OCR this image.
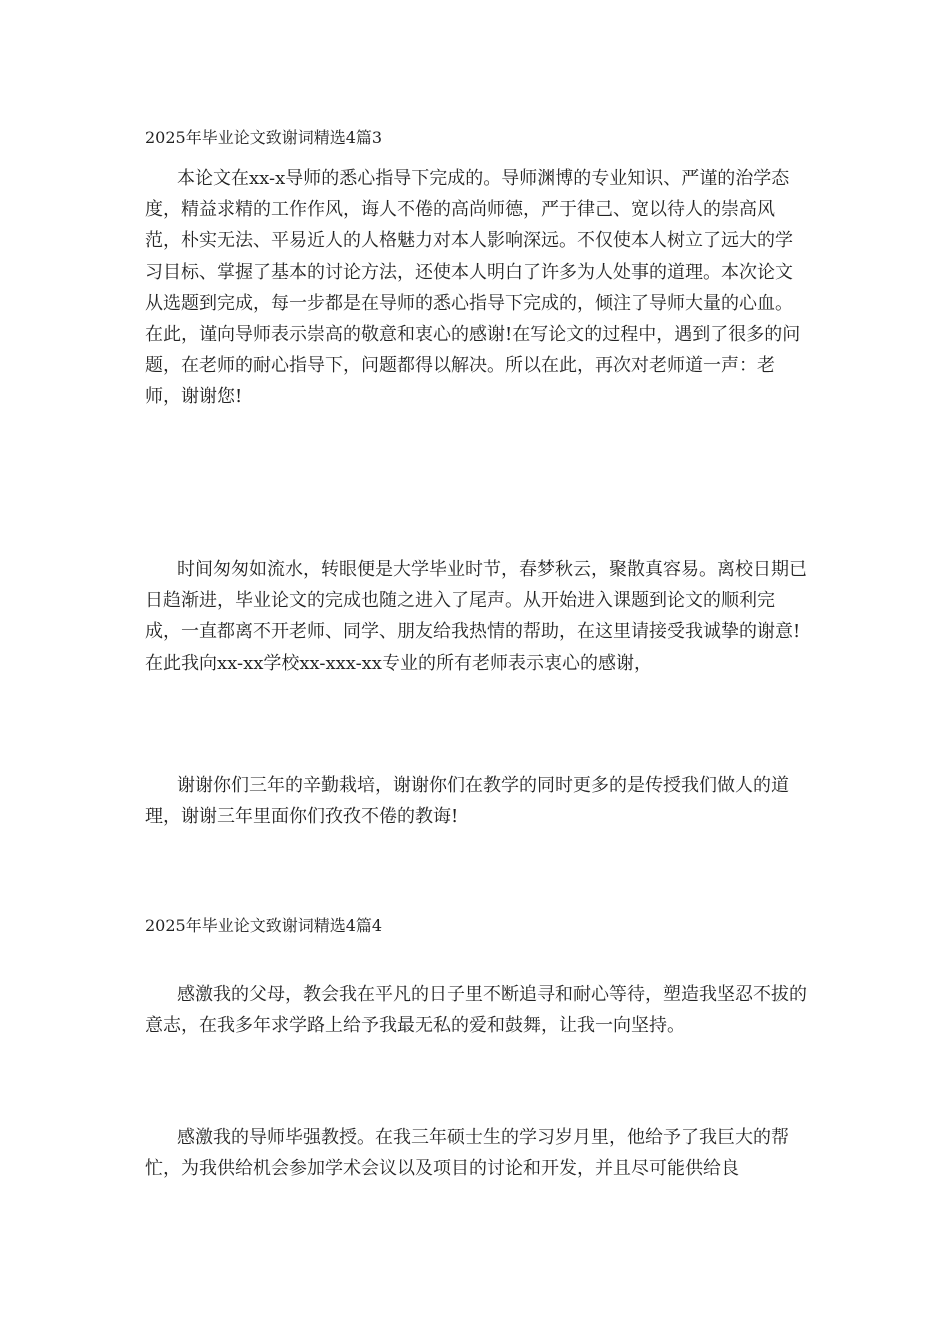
2025年毕业论文致谢词精选4篇3
本论文在xx-x导师的悉心指导下完成的。导师渊博的专业知识、严谨的治学态度，精益求精的工作作风，诲人不倦的高尚师德，严于律己、宽以待人的崇高风范，朴实无法、平易近人的人格魅力对本人影响深远。不仅使本人树立了远大的学习目标、掌握了基本的讨论方法，还使本人明白了许多为人处事的道理。本次论文从选题到完成，每一步都是在导师的悉心指导下完成的，倾注了导师大量的心血。在此，谨向导师表示崇高的敬意和衷心的感谢!在写论文的过程中，遇到了很多的问题，在老师的耐心指导下，问题都得以解决。所以在此，再次对老师道一声：老师，谢谢您!
时间匆匆如流水，转眼便是大学毕业时节，春梦秋云，聚散真容易。离校日期已日趋渐进，毕业论文的完成也随之进入了尾声。从开始进入课题到论文的顺利完成，一直都离不开老师、同学、朋友给我热情的帮助，在这里请接受我诚挚的谢意!在此我向xx-xx学校xx-xxx-xx专业的所有老师表示衷心的感谢，
谢谢你们三年的辛勤栽培，谢谢你们在教学的同时更多的是传授我们做人的道理，谢谢三年里面你们孜孜不倦的教诲!
2025年毕业论文致谢词精选4篇4
感激我的父母，教会我在平凡的日子里不断追寻和耐心等待，塑造我坚忍不拔的意志，在我多年求学路上给予我最无私的爱和鼓舞，让我一向坚持。
感激我的导师毕强教授。在我三年硕士生的学习岁月里，他给予了我巨大的帮忙，为我供给机会参加学术会议以及项目的讨论和开发，并且尽可能供给良
